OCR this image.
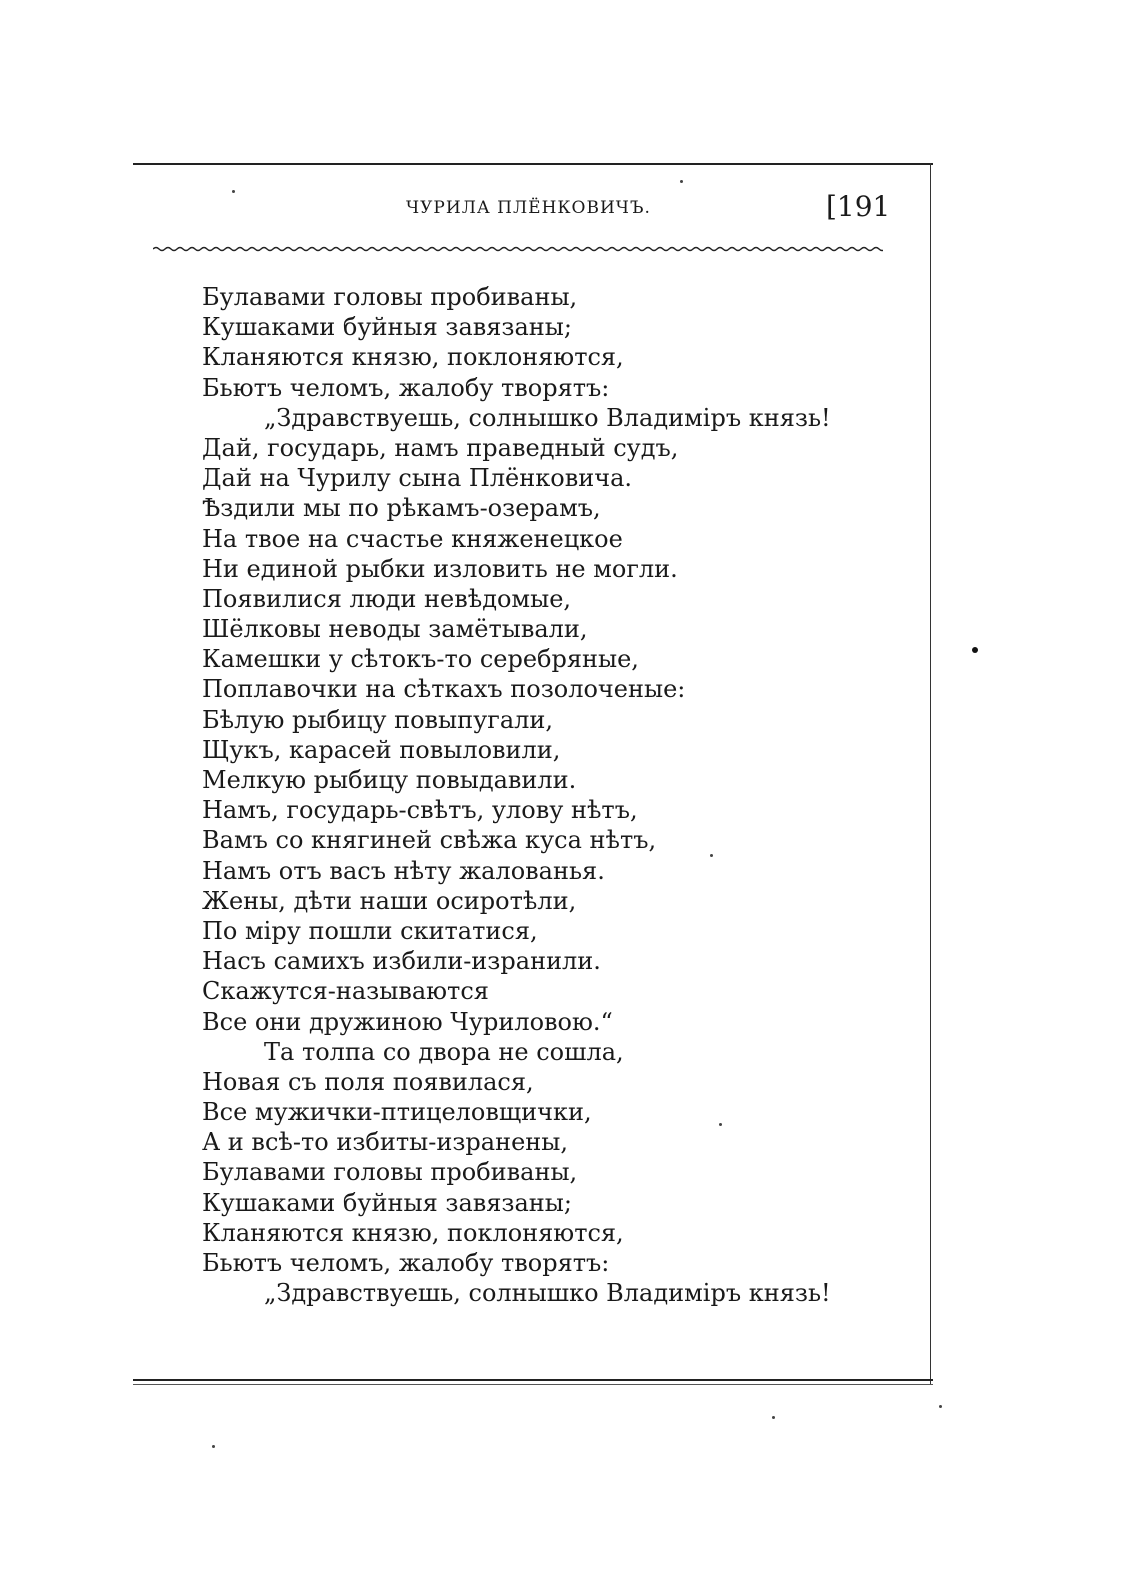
ЧУРИЛА ПЛЁНКОВИЧЪ.	[191
Булавами головы пробиваны,
Кушаками буйныя завязаны;
Кланяются князю, поклоняются,
Бьютъ челомъ, жалобу творятъ:
„Здравствуешь, солнышко Владимiръ князь!
Дай, государь, намъ праведный судъ,
Дай на Чурилу сына Плёнковича.
Ѣздили мы по рѣкамъ-озерамъ,
На твое на счастье княженецкое
Ни единой рыбки изловить не могли.
Появилися люди невѣдомые,
Шёлковы неводы замётывали,
Камешки у сѣтокъ-то серебряные,
Поплавочки на сѣткахъ позолоченые:
Бѣлую рыбицу повыпугали,
Щукъ, карасей повыловили,
Мелкую рыбицу повыдавили.
Намъ, государь-свѣтъ, улову нѣтъ,
Вамъ со княгиней свѣжа куса нѣтъ,
Намъ отъ васъ нѣту жалованья.
Жены, дѣти наши осиротѣли,
По мiру пошли скитатися,
Насъ самихъ избили-изранили.
Скажутся-называются
Все они дружиною Чуриловою.“
Та толпа со двора не сошла,
Новая съ поля появилася,
Все мужички-птицеловщички,
А и всѣ-то избиты-изранены,
Булавами головы пробиваны,
Кушаками буйныя завязаны;
Кланяются князю, поклоняются,
Бьютъ челомъ, жалобу творятъ:
„Здравствуешь, солнышко Владимiръ князь!
